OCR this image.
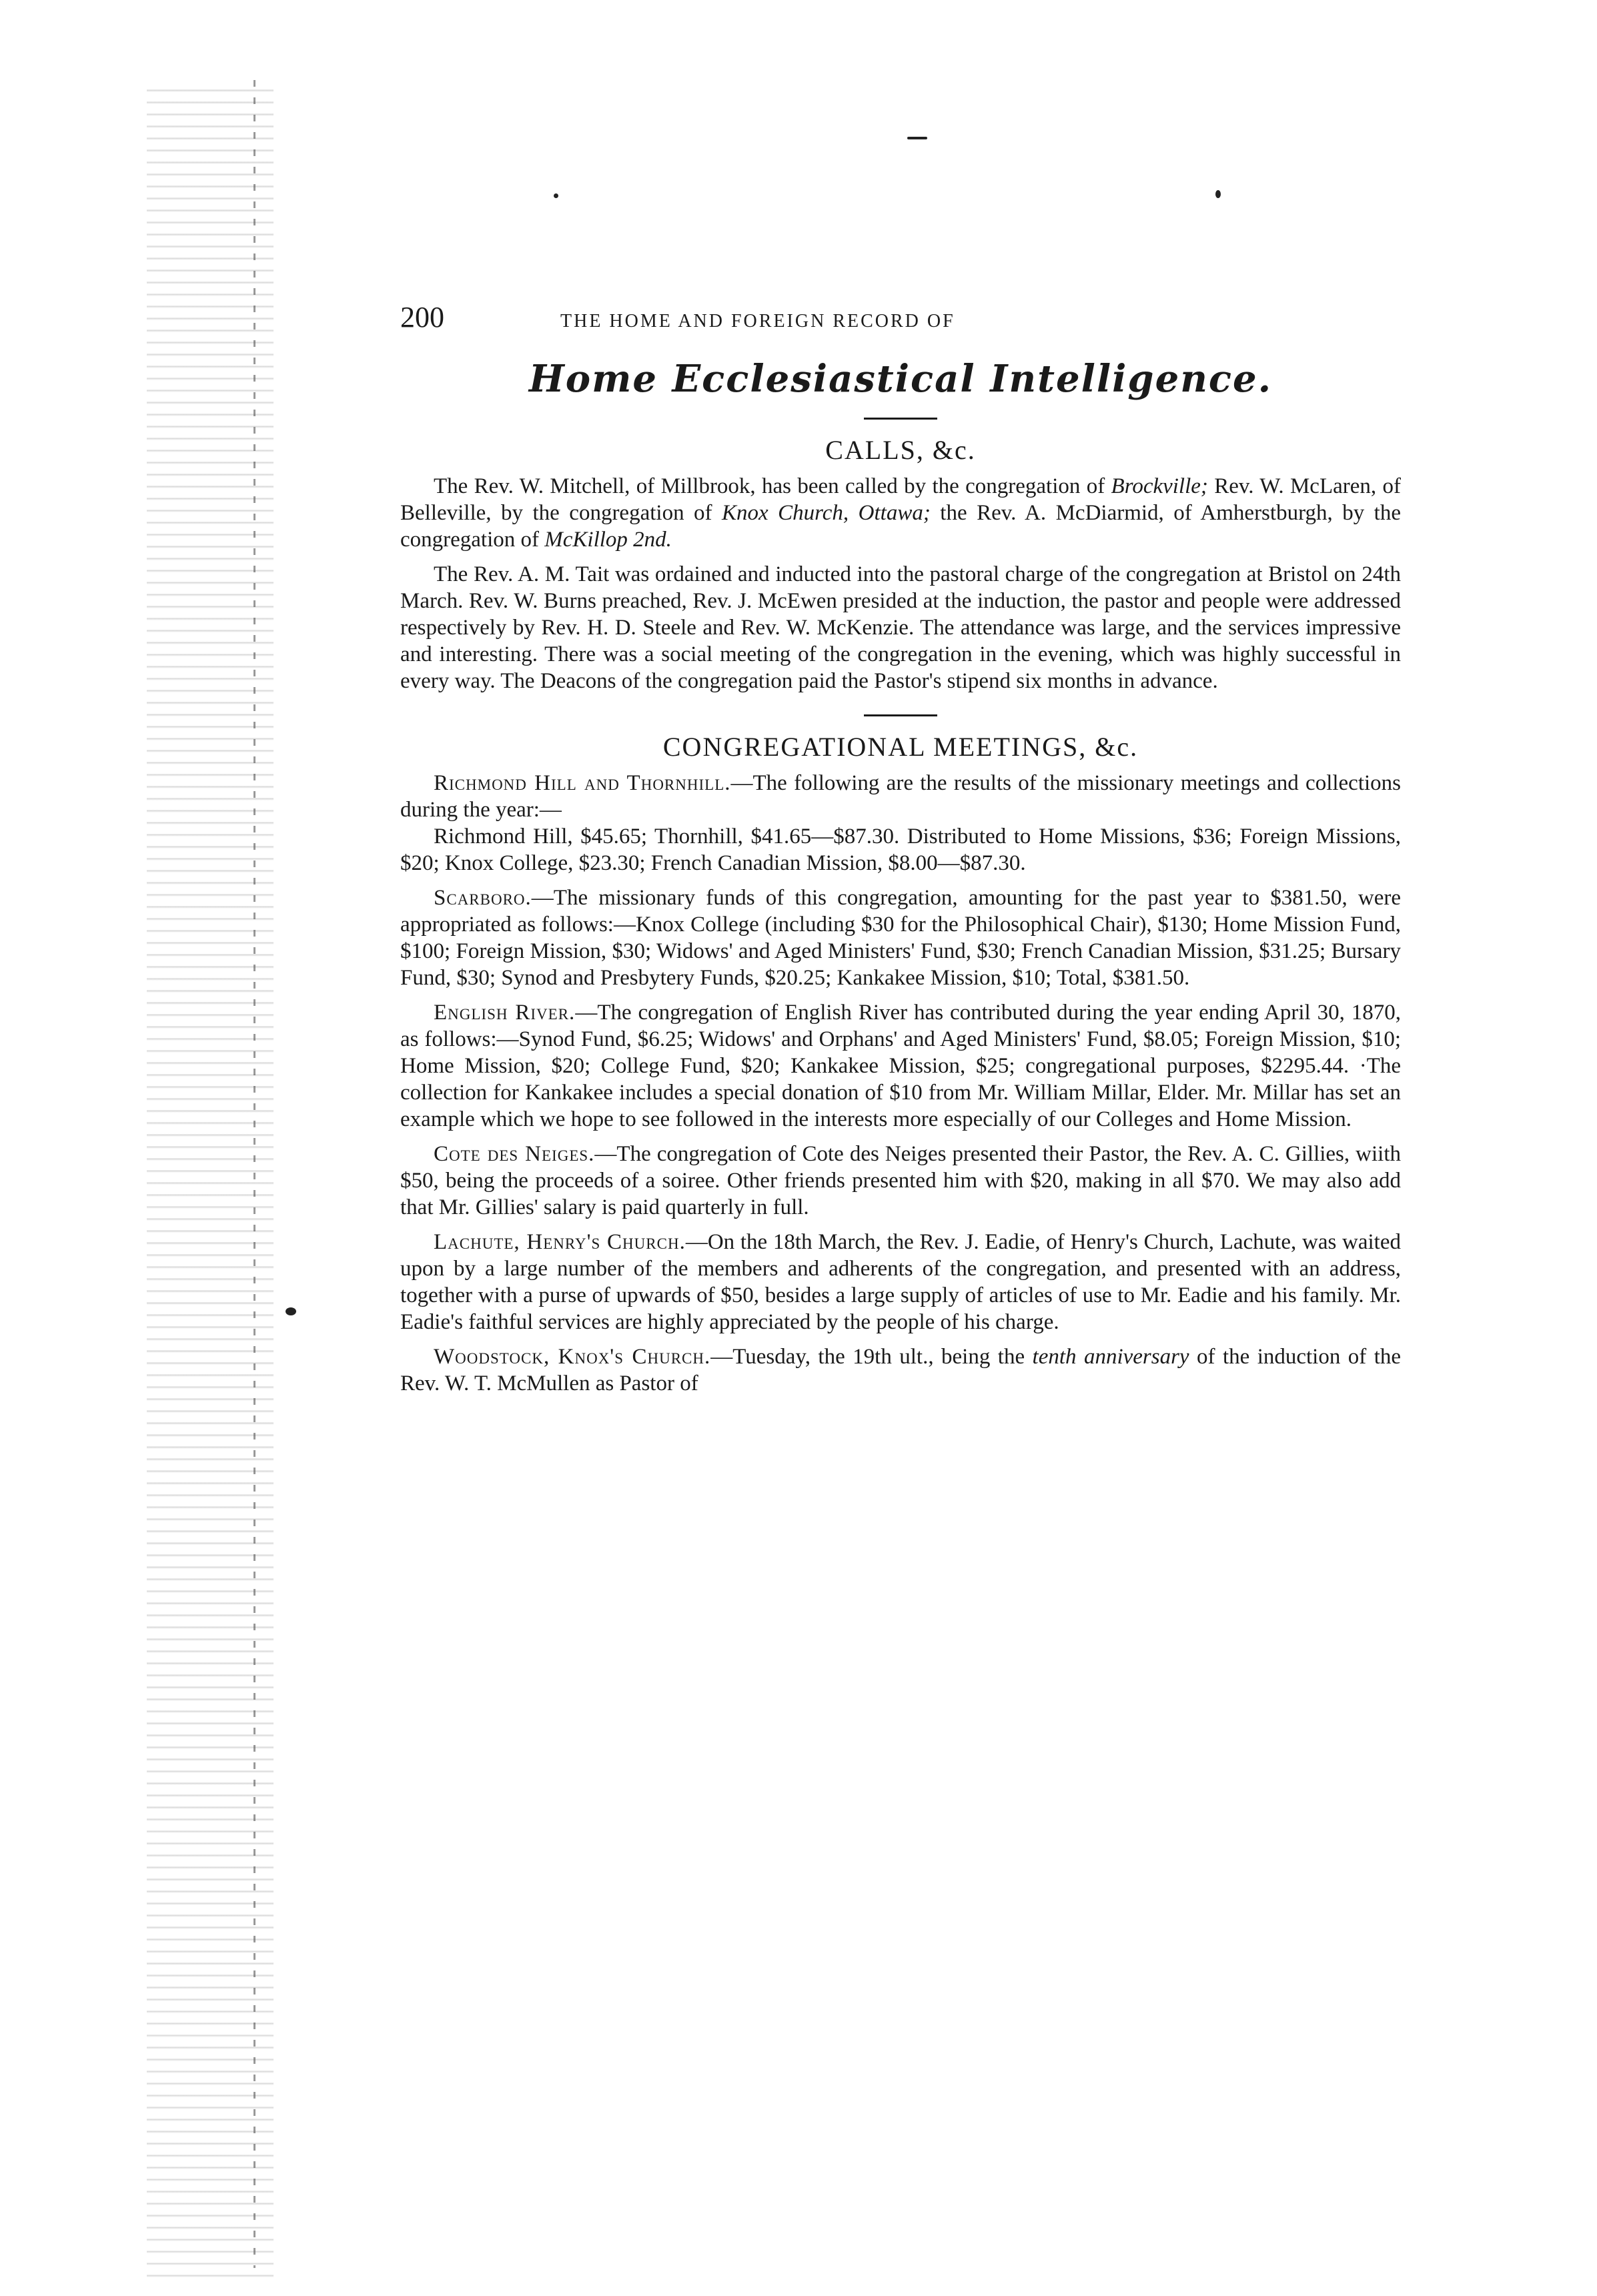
200	THE HOME AND FOREIGN RECORD OF
Home Ecclesiastical Intelligence.
CALLS, &c.

The Rev. W. Mitchell, of Millbrook, has been called by the congregation of Brockville; Rev. W. McLaren, of Belleville, by the congregation of Knox Church, Ottawa; the Rev. A. McDiarmid, of Amherstburgh, by the congregation of McKillop 2nd.

The Rev. A. M. Tait was ordained and inducted into the pastoral charge of the congregation at Bristol on 24th March. Rev. W. Burns preached, Rev. J. McEwen presided at the induction, the pastor and people were addressed respectively by Rev. H. D. Steele and Rev. W. McKenzie. The attendance was large, and the services impressive and interesting. There was a social meeting of the congregation in the evening, which was highly successful in every way. The Deacons of the congregation paid the Pastor's stipend six months in advance.

CONGREGATIONAL MEETINGS, &c.

Richmond Hill and Thornhill.—The following are the results of the missionary meetings and collections during the year:—

Richmond Hill, $45.65; Thornhill, $41.65—$87.30. Distributed to Home Missions, $36; Foreign Missions, $20; Knox College, $23.30; French Canadian Mission, $8.00—$87.30.

Scarboro.—The missionary funds of this congregation, amounting for the past year to $381.50, were appropriated as follows:—Knox College (including $30 for the Philosophical Chair), $130; Home Mission Fund, $100; Foreign Mission, $30; Widows' and Aged Ministers' Fund, $30; French Canadian Mission, $31.25; Bursary Fund, $30; Synod and Presbytery Funds, $20.25; Kankakee Mission, $10; Total, $381.50.

English River.—The congregation of English River has contributed during the year ending April 30, 1870, as follows:—Synod Fund, $6.25; Widows' and Orphans' and Aged Ministers' Fund, $8.05; Foreign Mission, $10; Home Mission, $20; College Fund, $20; Kankakee Mission, $25; congregational purposes, $2295.44. ·The collection for Kankakee includes a special donation of $10 from Mr. William Millar, Elder. Mr. Millar has set an example which we hope to see followed in the interests more especially of our Colleges and Home Mission.

Cote des Neiges.—The congregation of Cote des Neiges presented their Pastor, the Rev. A. C. Gillies, wiith $50, being the proceeds of a soiree. Other friends presented him with $20, making in all $70. We may also add that Mr. Gillies' salary is paid quarterly in full.

Lachute, Henry's Church.—On the 18th March, the Rev. J. Eadie, of Henry's Church, Lachute, was waited upon by a large number of the members and adherents of the congregation, and presented with an address, together with a purse of upwards of $50, besides a large supply of articles of use to Mr. Eadie and his family. Mr. Eadie's faithful services are highly appreciated by the people of his charge.

Woodstock, Knox's Church.—Tuesday, the 19th ult., being the tenth anniversary of the induction of the Rev. W. T. McMullen as Pastor of
